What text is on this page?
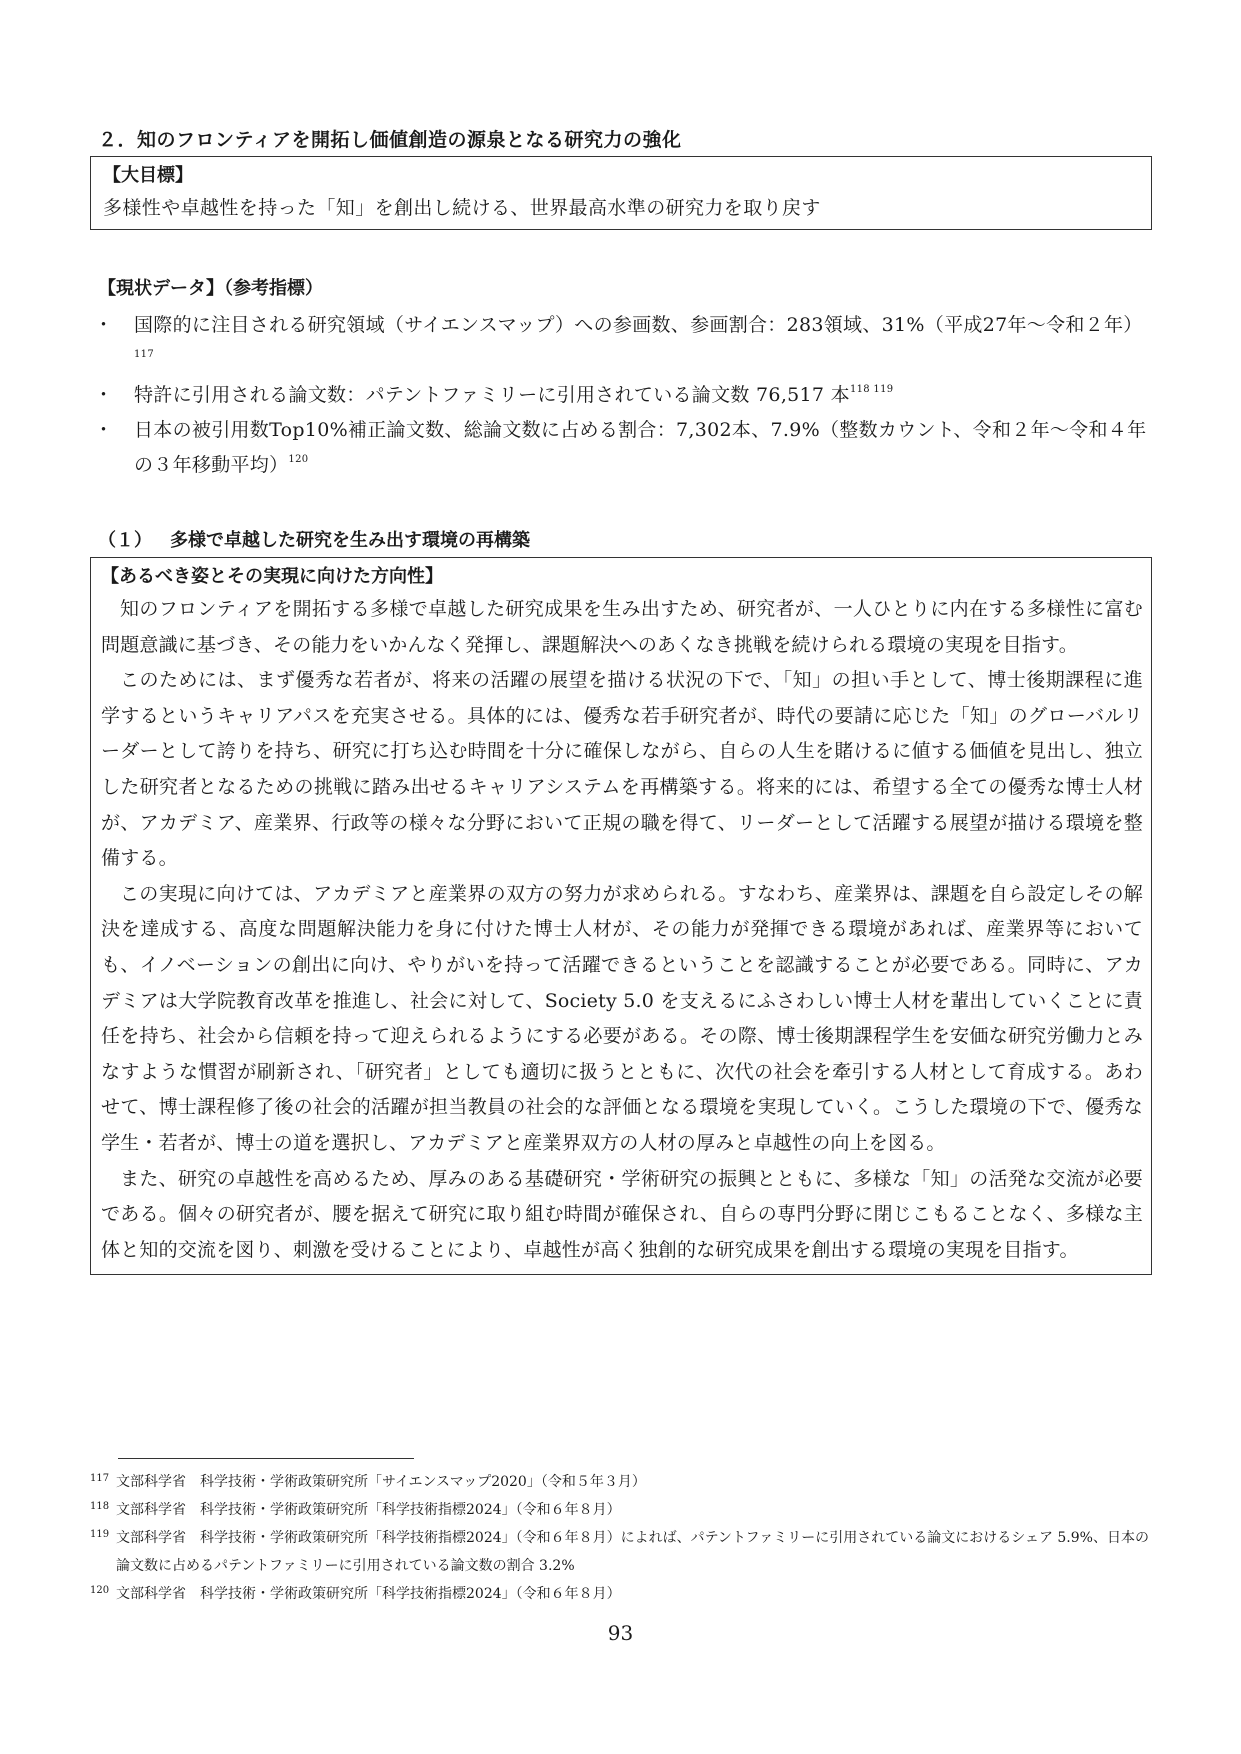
２．知のフロンティアを開拓し価値創造の源泉となる研究力の強化
【大目標】
多様性や卓越性を持った「知」を創出し続ける、世界最高水準の研究力を取り戻す
【現状データ】（参考指標）
・ 国際的に注目される研究領域（サイエンスマップ）への参画数、参画割合：283領域、31%（平成27年～令和２年）$^{117}$
・ 特許に引用される論文数：パテントファミリーに引用されている論文数 76,517 本$^{118 119}$
・ 日本の被引用数Top10%補正論文数、総論文数に占める割合：7,302本、7.9%（整数カウント、令和２年～令和４年の３年移動平均）$^{120}$
（１） 多様で卓越した研究を生み出す環境の再構築
【あるべき姿とその実現に向けた方向性】

知のフロンティアを開拓する多様で卓越した研究成果を生み出すため、研究者が、一人ひとりに内在する多様性に富む問題意識に基づき、その能力をいかんなく発揮し、課題解決へのあくなき挑戦を続けられる環境の実現を目指す。

このためには、まず優秀な若者が、将来の活躍の展望を描ける状況の下で、「知」の担い手として、博士後期課程に進学するというキャリアパスを充実させる。具体的には、優秀な若手研究者が、時代の要請に応じた「知」のグローバルリーダーとして誇りを持ち、研究に打ち込む時間を十分に確保しながら、自らの人生を賭けるに値する価値を見出し、独立した研究者となるための挑戦に踏み出せるキャリアシステムを再構築する。将来的には、希望する全ての優秀な博士人材が、アカデミア、産業界、行政等の様々な分野において正規の職を得て、リーダーとして活躍する展望が描ける環境を整備する。

この実現に向けては、アカデミアと産業界の双方の努力が求められる。すなわち、産業界は、課題を自ら設定しその解決を達成する、高度な問題解決能力を身に付けた博士人材が、その能力が発揮できる環境があれば、産業界等においても、イノベーションの創出に向け、やりがいを持って活躍できるということを認識することが必要である。同時に、アカデミアは大学院教育改革を推進し、社会に対して、Society 5.0 を支えるにふさわしい博士人材を輩出していくことに責任を持ち、社会から信頼を持って迎えられるようにする必要がある。その際、博士後期課程学生を安価な研究労働力とみなすような慣習が刷新され、「研究者」としても適切に扱うとともに、次代の社会を牽引する人材として育成する。あわせて、博士課程修了後の社会的活躍が担当教員の社会的な評価となる環境を実現していく。こうした環境の下で、優秀な学生・若者が、博士の道を選択し、アカデミアと産業界双方の人材の厚みと卓越性の向上を図る。

また、研究の卓越性を高めるため、厚みのある基礎研究・学術研究の振興とともに、多様な「知」の活発な交流が必要である。個々の研究者が、腰を据えて研究に取り組む時間が確保され、自らの専門分野に閉じこもることなく、多様な主体と知的交流を図り、刺激を受けることにより、卓越性が高く独創的な研究成果を創出する環境の実現を目指す。

117 文部科学省　科学技術・学術政策研究所「サイエンスマップ2020」（令和５年３月）
118 文部科学省　科学技術・学術政策研究所「科学技術指標2024」（令和６年８月）
119 文部科学省　科学技術・学術政策研究所「科学技術指標2024」（令和６年８月）によれば、パテントファミリーに引用されている論文におけるシェア 5.9%、日本の論文数に占めるパテントファミリーに引用されている論文数の割合 3.2%
120 文部科学省　科学技術・学術政策研究所「科学技術指標2024」（令和６年８月）
93
